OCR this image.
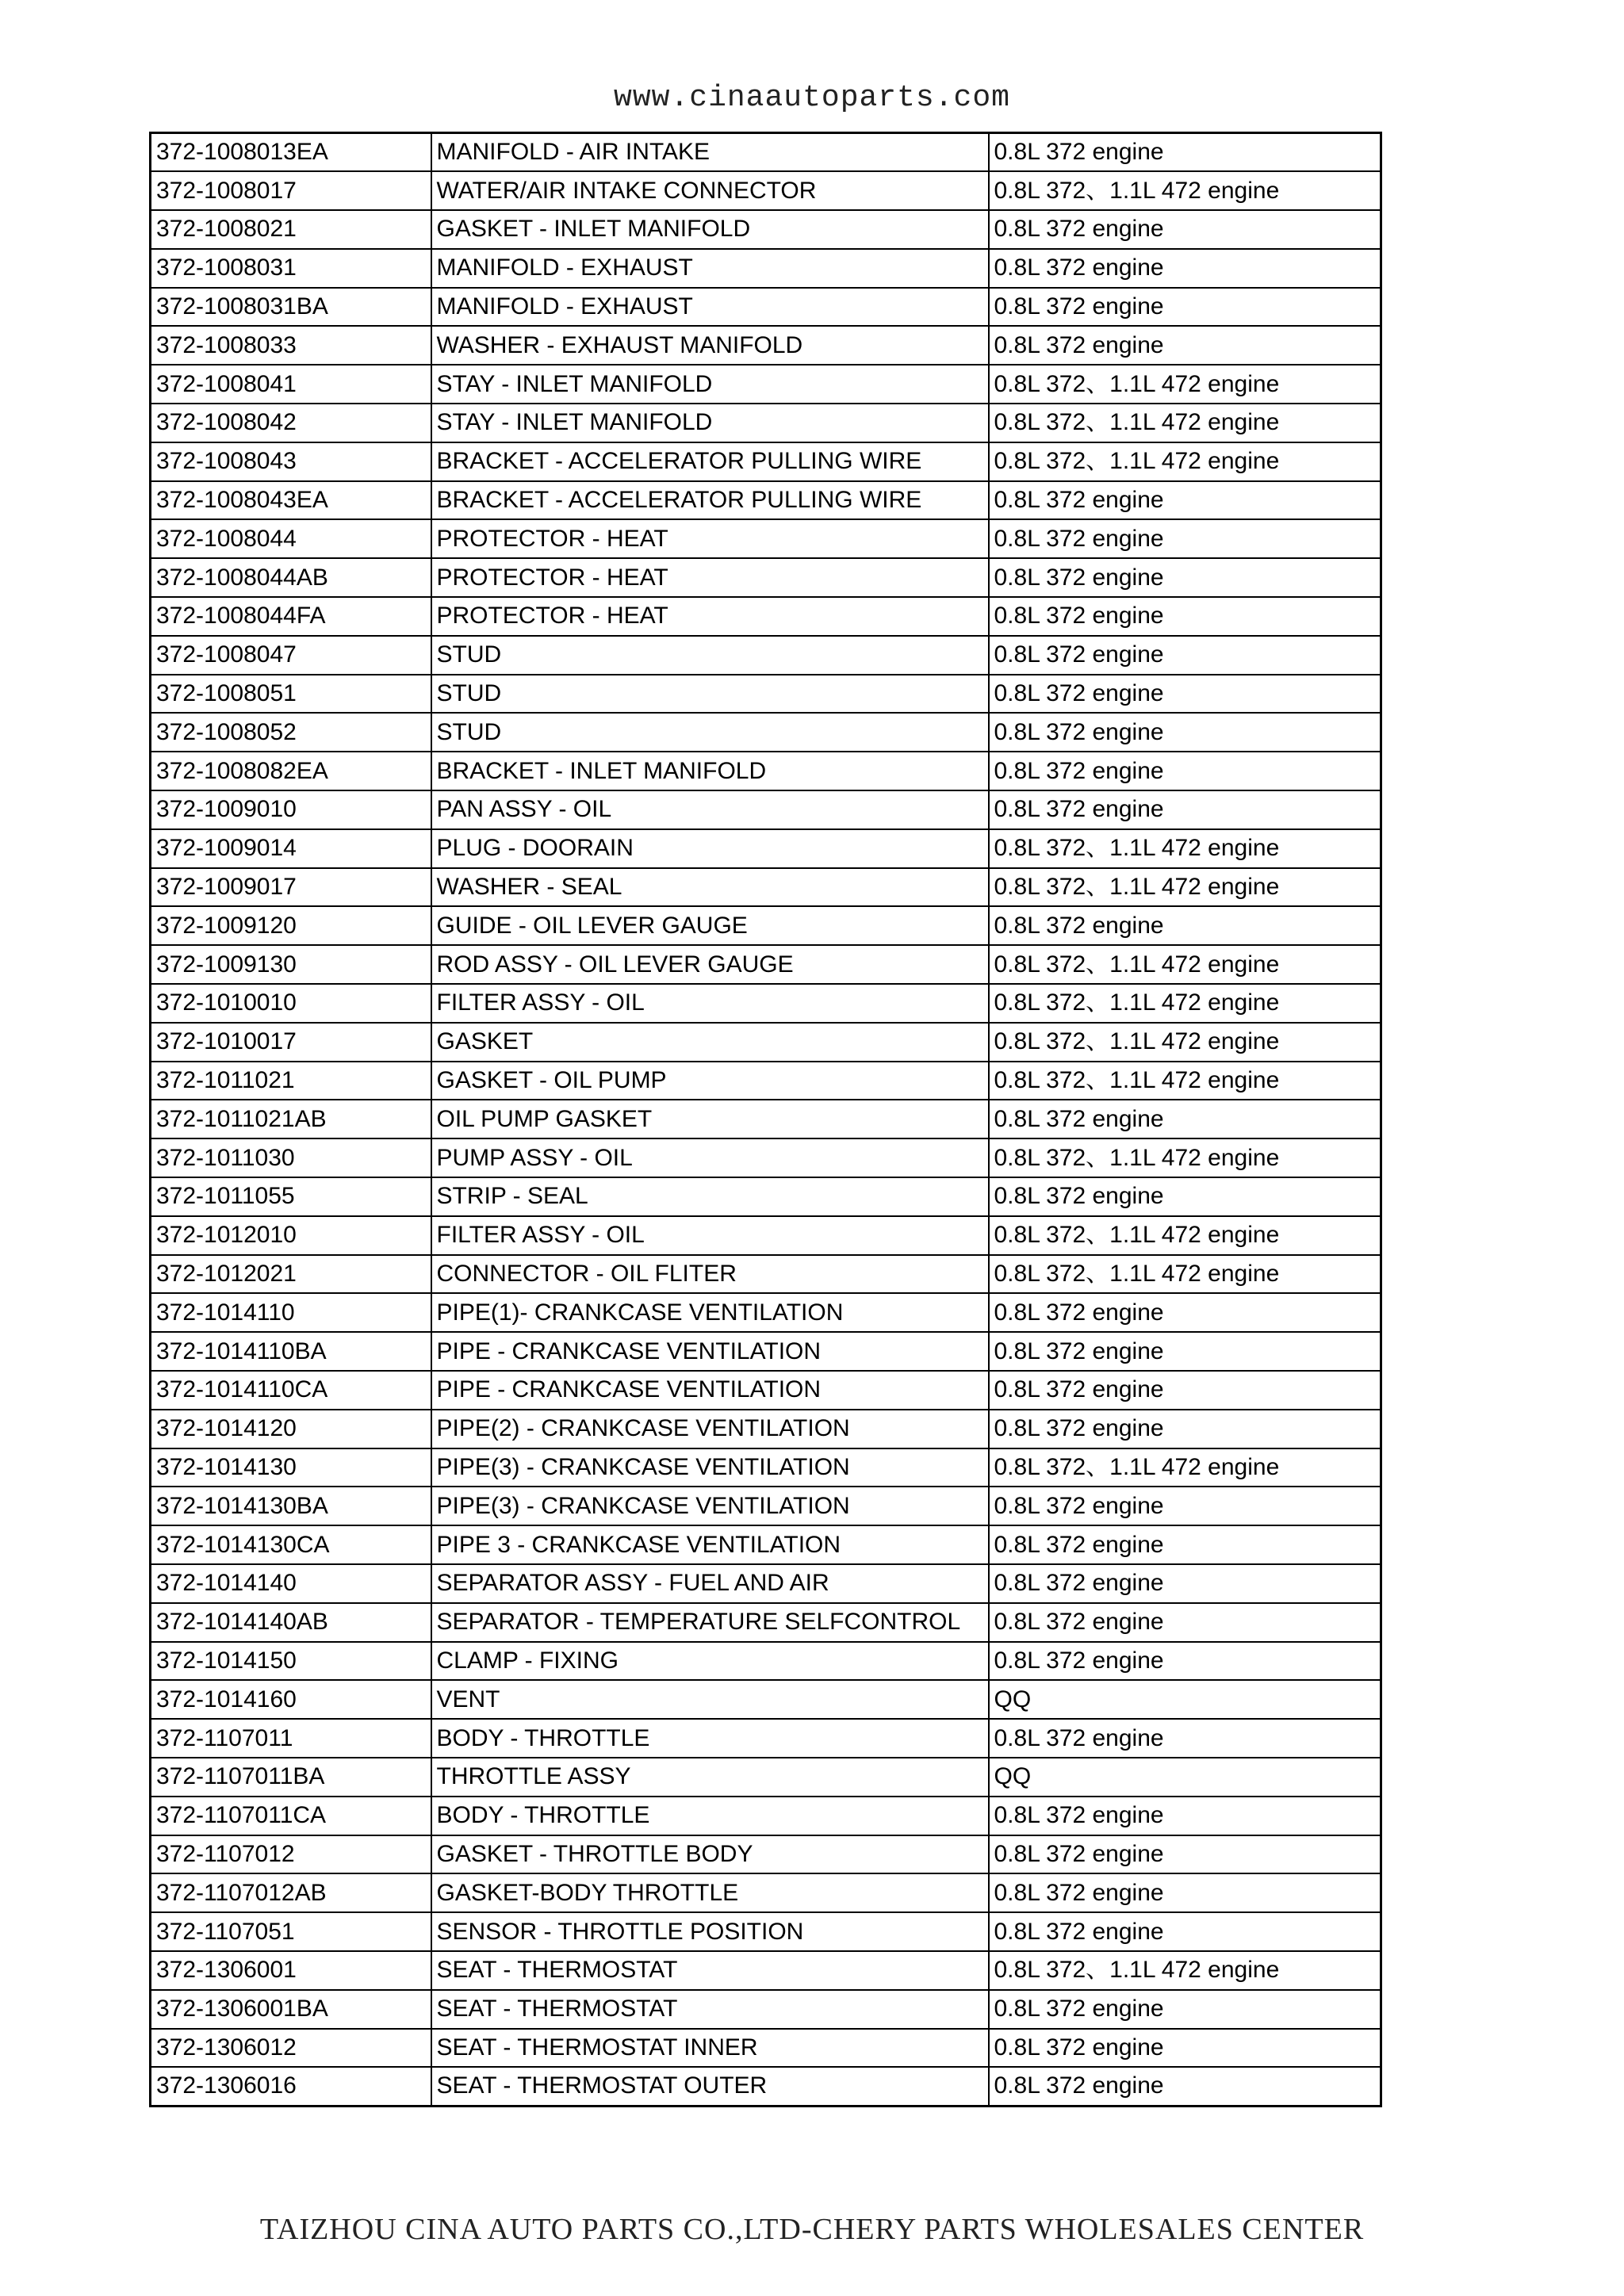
www.cinaautoparts.com
372-1008013EA	MANIFOLD - AIR INTAKE	0.8L 372 engine
372-1008017	WATER/AIR INTAKE CONNECTOR	0.8L 372、1.1L 472 engine
372-1008021	GASKET - INLET MANIFOLD	0.8L 372 engine
372-1008031	MANIFOLD - EXHAUST	0.8L 372 engine
372-1008031BA	MANIFOLD - EXHAUST	0.8L 372 engine
372-1008033	WASHER - EXHAUST MANIFOLD	0.8L 372 engine
372-1008041	STAY - INLET MANIFOLD	0.8L 372、1.1L 472 engine
372-1008042	STAY - INLET MANIFOLD	0.8L 372、1.1L 472 engine
372-1008043	BRACKET - ACCELERATOR PULLING WIRE	0.8L 372、1.1L 472 engine
372-1008043EA	BRACKET - ACCELERATOR PULLING WIRE	0.8L 372 engine
372-1008044	PROTECTOR - HEAT	0.8L 372 engine
372-1008044AB	PROTECTOR - HEAT	0.8L 372 engine
372-1008044FA	PROTECTOR - HEAT	0.8L 372 engine
372-1008047	STUD	0.8L 372 engine
372-1008051	STUD	0.8L 372 engine
372-1008052	STUD	0.8L 372 engine
372-1008082EA	BRACKET - INLET MANIFOLD	0.8L 372 engine
372-1009010	PAN ASSY - OIL	0.8L 372 engine
372-1009014	PLUG - DOORAIN	0.8L 372、1.1L 472 engine
372-1009017	WASHER - SEAL	0.8L 372、1.1L 472 engine
372-1009120	GUIDE - OIL LEVER GAUGE	0.8L 372 engine
372-1009130	ROD ASSY - OIL LEVER GAUGE	0.8L 372、1.1L 472 engine
372-1010010	FILTER ASSY - OIL	0.8L 372、1.1L 472 engine
372-1010017	GASKET	0.8L 372、1.1L 472 engine
372-1011021	GASKET - OIL PUMP	0.8L 372、1.1L 472 engine
372-1011021AB	OIL PUMP GASKET	0.8L 372 engine
372-1011030	PUMP ASSY - OIL	0.8L 372、1.1L 472 engine
372-1011055	STRIP - SEAL	0.8L 372 engine
372-1012010	FILTER ASSY - OIL	0.8L 372、1.1L 472 engine
372-1012021	CONNECTOR - OIL FLITER	0.8L 372、1.1L 472 engine
372-1014110	PIPE(1)- CRANKCASE VENTILATION	0.8L 372 engine
372-1014110BA	PIPE - CRANKCASE VENTILATION	0.8L 372 engine
372-1014110CA	PIPE - CRANKCASE VENTILATION	0.8L 372 engine
372-1014120	PIPE(2) - CRANKCASE VENTILATION	0.8L 372 engine
372-1014130	PIPE(3) - CRANKCASE VENTILATION	0.8L 372、1.1L 472 engine
372-1014130BA	PIPE(3) - CRANKCASE VENTILATION	0.8L 372 engine
372-1014130CA	PIPE 3 - CRANKCASE VENTILATION	0.8L 372 engine
372-1014140	SEPARATOR ASSY - FUEL AND AIR	0.8L 372 engine
372-1014140AB	SEPARATOR - TEMPERATURE SELFCONTROL	0.8L 372 engine
372-1014150	CLAMP - FIXING	0.8L 372 engine
372-1014160	VENT	QQ
372-1107011	BODY - THROTTLE	0.8L 372 engine
372-1107011BA	THROTTLE ASSY	QQ
372-1107011CA	BODY - THROTTLE	0.8L 372 engine
372-1107012	GASKET - THROTTLE BODY	0.8L 372 engine
372-1107012AB	GASKET-BODY THROTTLE	0.8L 372 engine
372-1107051	SENSOR - THROTTLE POSITION	0.8L 372 engine
372-1306001	SEAT - THERMOSTAT	0.8L 372、1.1L 472 engine
372-1306001BA	SEAT - THERMOSTAT	0.8L 372 engine
372-1306012	SEAT - THERMOSTAT INNER	0.8L 372 engine
372-1306016	SEAT - THERMOSTAT OUTER	0.8L 372 engine
TAIZHOU CINA AUTO PARTS CO.,LTD-CHERY PARTS WHOLESALES CENTER
